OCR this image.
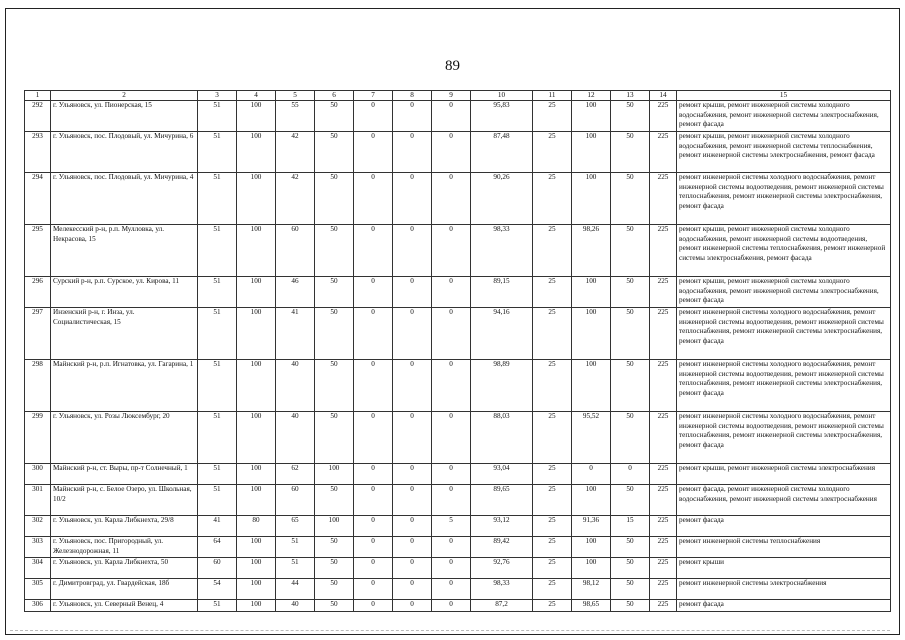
89
1	2	3	4	5	6	7	8	9	10	11	12	13	14	15
292	г. Ульяновск, ул. Пионерская, 15	51	100	55	50	0	0	0	95,83	25	100	50	225	ремонт крыши, ремонт инженерной системы холодного водоснабжения, ремонт инженерной системы электроснабжения, ремонт фасада
293	г. Ульяновск, пос. Плодовый, ул. Мичурина, 6	51	100	42	50	0	0	0	87,48	25	100	50	225	ремонт крыши, ремонт инженерной системы холодного водоснабжения, ремонт инженерной системы теплоснабжения, ремонт инженерной системы электроснабжения, ремонт фасада
294	г. Ульяновск, пос. Плодовый, ул. Мичурина, 4	51	100	42	50	0	0	0	90,26	25	100	50	225	ремонт инженерной системы холодного водоснабжения, ремонт инженерной системы водоотведения, ремонт инженерной системы теплоснабжения, ремонт инженерной системы электроснабжения, ремонт фасада
295	Мелекесский р-н, р.п. Мулловка, ул. Некрасова, 15	51	100	60	50	0	0	0	98,33	25	98,26	50	225	ремонт крыши, ремонт инженерной системы холодного водоснабжения, ремонт инженерной системы водоотведения, ремонт инженерной системы теплоснабжения, ремонт инженерной системы электроснабжения, ремонт фасада
296	Сурский р-н, р.п. Сурское, ул. Кирова, 11	51	100	46	50	0	0	0	89,15	25	100	50	225	ремонт крыши, ремонт инженерной системы холодного водоснабжения, ремонт инженерной системы электроснабжения, ремонт фасада
297	Инзенский р-н, г. Инза, ул. Социалистическая, 15	51	100	41	50	0	0	0	94,16	25	100	50	225	ремонт инженерной системы холодного водоснабжения, ремонт инженерной системы водоотведения, ремонт инженерной системы теплоснабжения, ремонт инженерной системы электроснабжения, ремонт фасада
298	Майнский р-н, р.п. Игнатовка, ул. Гагарина, 1	51	100	40	50	0	0	0	98,89	25	100	50	225	ремонт инженерной системы холодного водоснабжения, ремонт инженерной системы водоотведения, ремонт инженерной системы теплоснабжения, ремонт инженерной системы электроснабжения, ремонт фасада
299	г. Ульяновск, ул. Розы Люксембург, 20	51	100	40	50	0	0	0	88,03	25	95,52	50	225	ремонт инженерной системы холодного водоснабжения, ремонт инженерной системы водоотведения, ремонт инженерной системы теплоснабжения, ремонт инженерной системы электроснабжения, ремонт фасада
300	Майнский р-н, ст. Выры, пр-т Солнечный, 1	51	100	62	100	0	0	0	93,04	25	0	0	225	ремонт крыши, ремонт инженерной системы электроснабжения
301	Майнский р-н, с. Белое Озеро, ул. Школьная, 10/2	51	100	60	50	0	0	0	89,65	25	100	50	225	ремонт фасада, ремонт инженерной системы холодного водоснабжения, ремонт инженерной системы электроснабжения
302	г. Ульяновск, ул. Карла Либкнехта, 29/8	41	80	65	100	0	0	5	93,12	25	91,36	15	225	ремонт фасада
303	г. Ульяновск, пос. Пригородный, ул. Железнодорожная, 11	64	100	51	50	0	0	0	89,42	25	100	50	225	ремонт инженерной системы теплоснабжения
304	г. Ульяновск, ул. Карла Либкнехта, 50	60	100	51	50	0	0	0	92,76	25	100	50	225	ремонт крыши
305	г. Димитровград, ул. Гвардейская, 18б	54	100	44	50	0	0	0	98,33	25	98,12	50	225	ремонт инженерной системы электроснабжения
306	г. Ульяновск, ул. Северный Венец, 4	51	100	40	50	0	0	0	87,2	25	98,65	50	225	ремонт фасада
